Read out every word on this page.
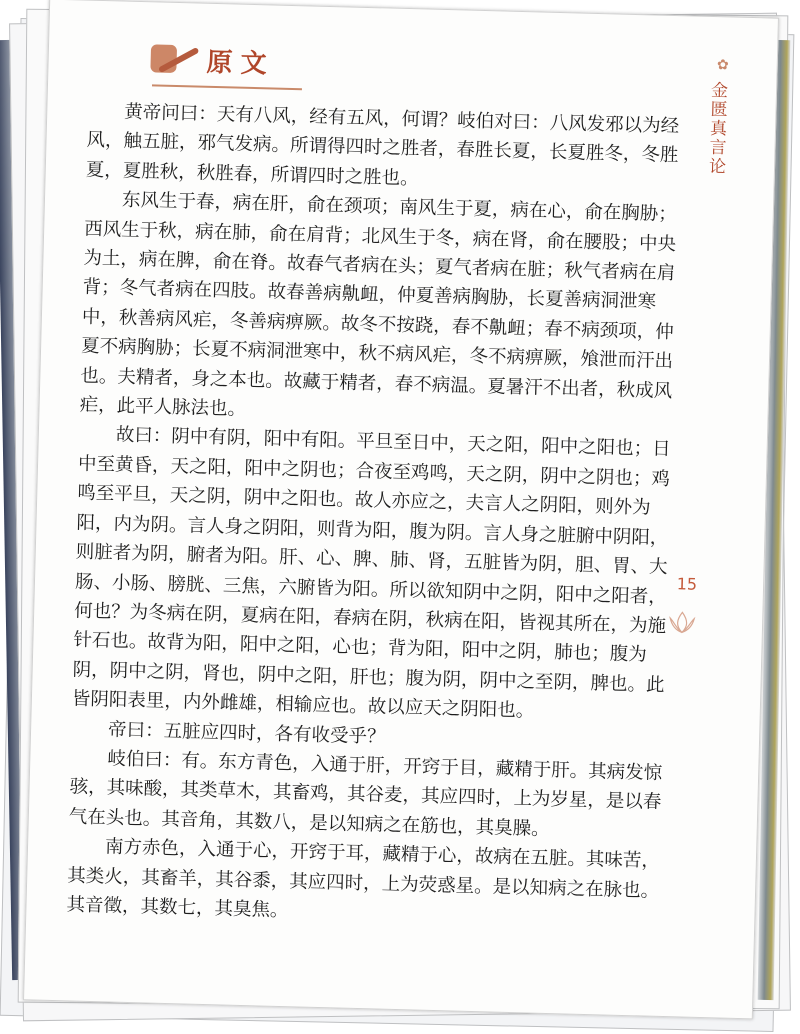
原文	✿
金匮真言论
15

黄帝问曰：天有八风，经有五风，何谓？岐伯对曰：八风发邪以为经风，触五脏，邪气发病。所谓得四时之胜者，春胜长夏，长夏胜冬，冬胜夏，夏胜秋，秋胜春，所谓四时之胜也。

东风生于春，病在肝，俞在颈项；南风生于夏，病在心，俞在胸胁；西风生于秋，病在肺，俞在肩背；北风生于冬，病在肾，俞在腰股；中央为土，病在脾，俞在脊。故春气者病在头；夏气者病在脏；秋气者病在肩背；冬气者病在四肢。故春善病鼽衄，仲夏善病胸胁，长夏善病洞泄寒中，秋善病风疟，冬善病痹厥。故冬不按跷，春不鼽衄；春不病颈项，仲夏不病胸胁；长夏不病洞泄寒中，秋不病风疟，冬不病痹厥，飧泄而汗出也。夫精者，身之本也。故藏于精者，春不病温。夏暑汗不出者，秋成风疟，此平人脉法也。

故曰：阴中有阴，阳中有阳。平旦至日中，天之阳，阳中之阳也；日中至黄昏，天之阳，阳中之阴也；合夜至鸡鸣，天之阴，阴中之阴也；鸡鸣至平旦，天之阴，阴中之阳也。故人亦应之，夫言人之阴阳，则外为阳，内为阴。言人身之阴阳，则背为阳，腹为阴。言人身之脏腑中阴阳，则脏者为阴，腑者为阳。肝、心、脾、肺、肾，五脏皆为阴，胆、胃、大肠、小肠、膀胱、三焦，六腑皆为阳。所以欲知阴中之阴，阳中之阳者，何也？为冬病在阴，夏病在阳，春病在阴，秋病在阳，皆视其所在，为施针石也。故背为阳，阳中之阳，心也；背为阳，阳中之阴，肺也；腹为阴，阴中之阴，肾也，阴中之阳，肝也；腹为阴，阴中之至阴，脾也。此皆阴阳表里，内外雌雄，相输应也。故以应天之阴阳也。

帝曰：五脏应四时，各有收受乎？

岐伯曰：有。东方青色，入通于肝，开窍于目，藏精于肝。其病发惊骇，其味酸，其类草木，其畜鸡，其谷麦，其应四时，上为岁星，是以春气在头也。其音角，其数八，是以知病之在筋也，其臭臊。

南方赤色，入通于心，开窍于耳，藏精于心，故病在五脏。其味苦，其类火，其畜羊，其谷黍，其应四时，上为荧惑星。是以知病之在脉也。其音徵，其数七，其臭焦。
